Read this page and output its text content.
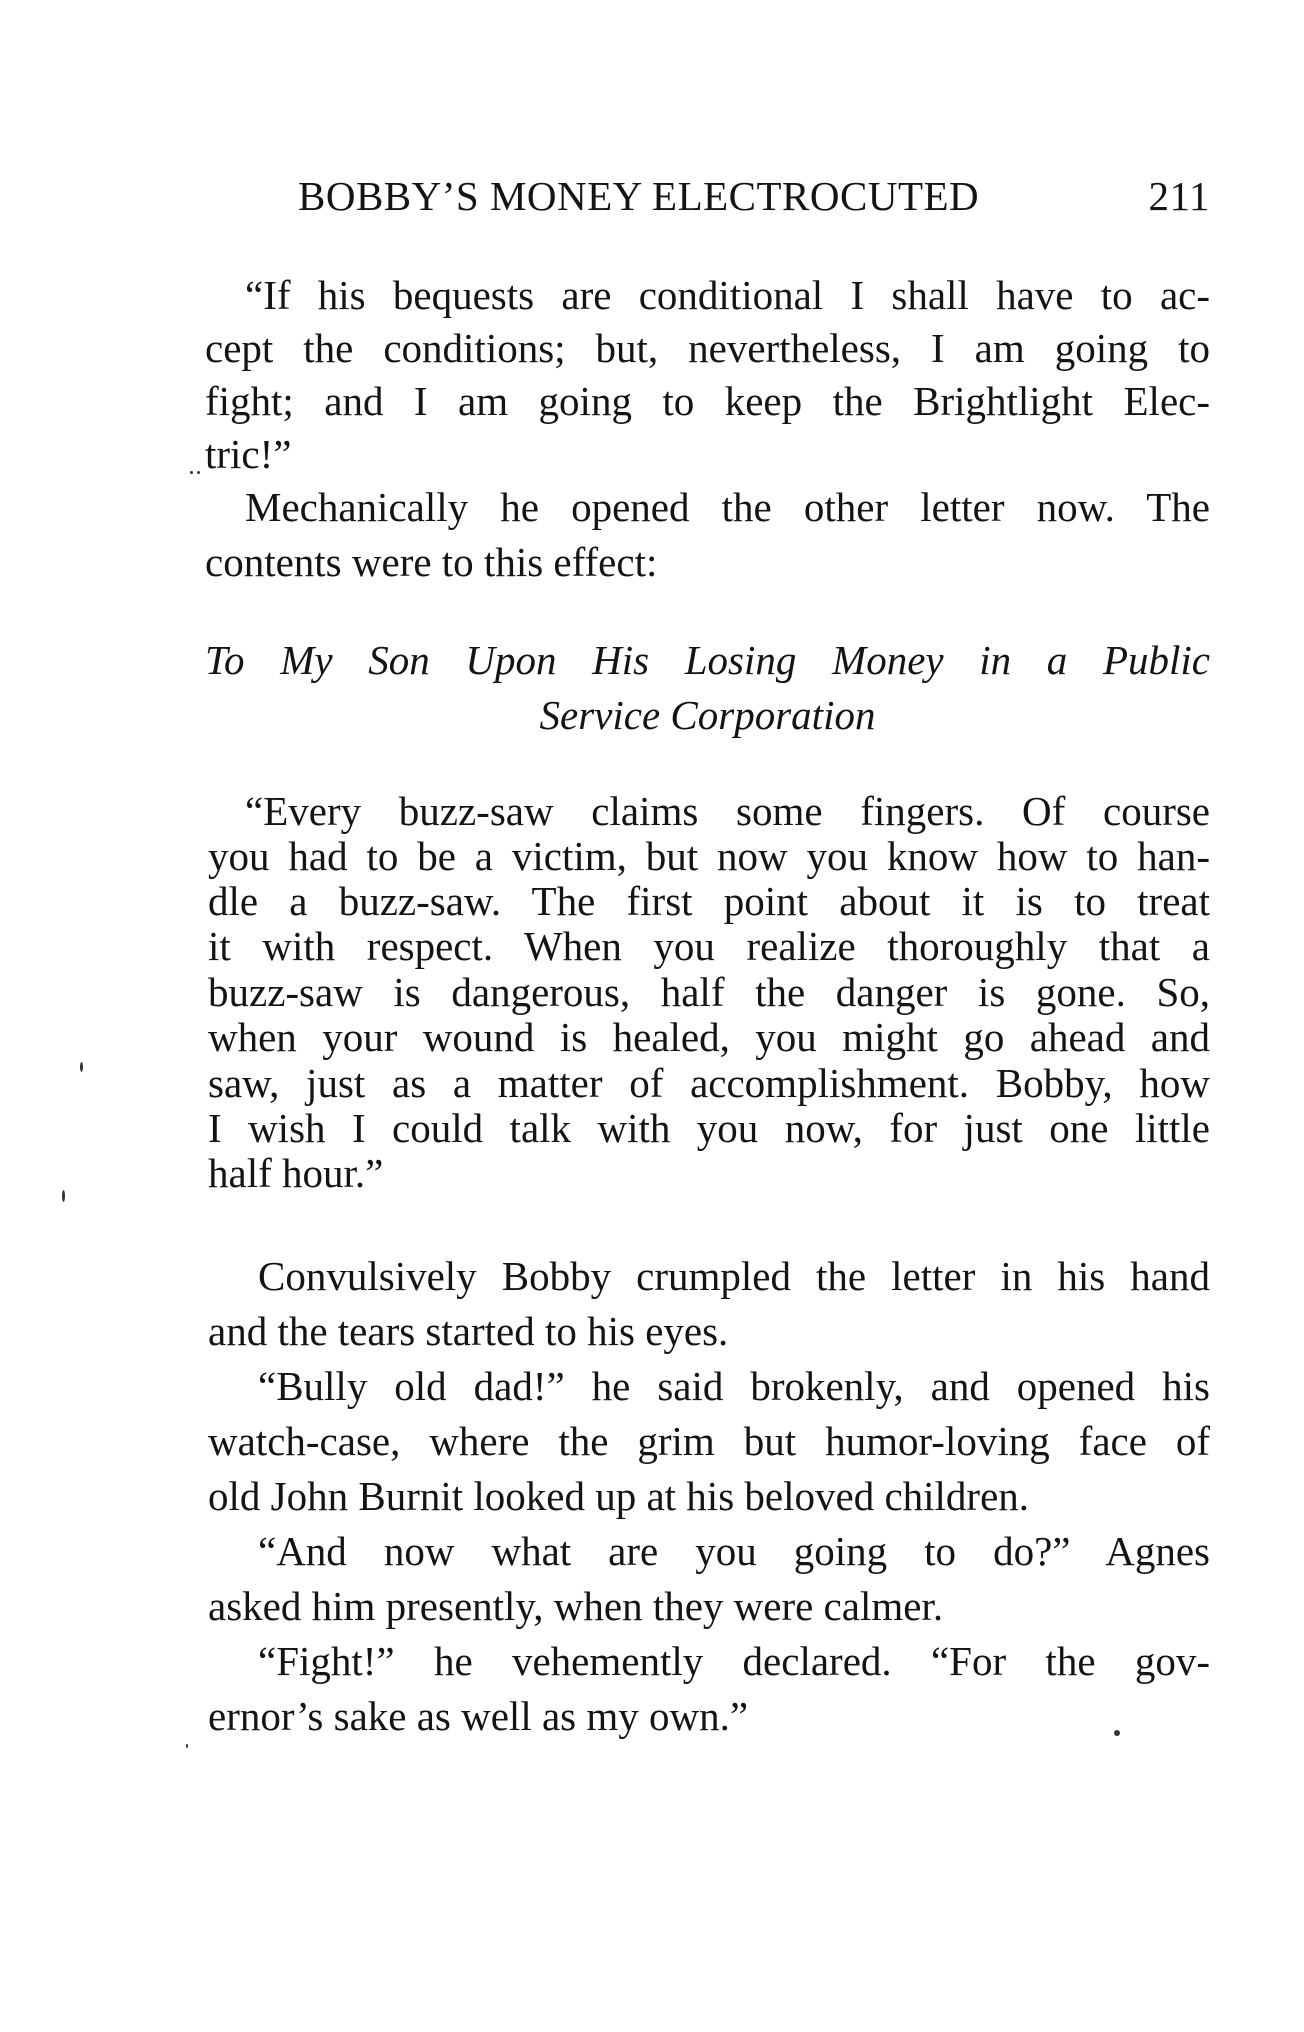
BOBBY’S MONEY ELECTROCUTED	211
“If his bequests are conditional I shall have to ac-
cept the conditions; but, nevertheless, I am going to
fight; and I am going to keep the Brightlight Elec-
tric!”
Mechanically he opened the other letter now. The
contents were to this effect:
To My Son Upon His Losing Money in a Public
Service Corporation
“Every buzz-saw claims some fingers. Of course
you had to be a victim, but now you know how to han-
dle a buzz-saw. The first point about it is to treat
it with respect. When you realize thoroughly that a
buzz-saw is dangerous, half the danger is gone. So,
when your wound is healed, you might go ahead and
saw, just as a matter of accomplishment. Bobby, how
I wish I could talk with you now, for just one little
half hour.”
Convulsively Bobby crumpled the letter in his hand
and the tears started to his eyes.
“Bully old dad!” he said brokenly, and opened his
watch-case, where the grim but humor-loving face of
old John Burnit looked up at his beloved children.
“And now what are you going to do?” Agnes
asked him presently, when they were calmer.
“Fight!” he vehemently declared. “For the gov-
ernor’s sake as well as my own.”
